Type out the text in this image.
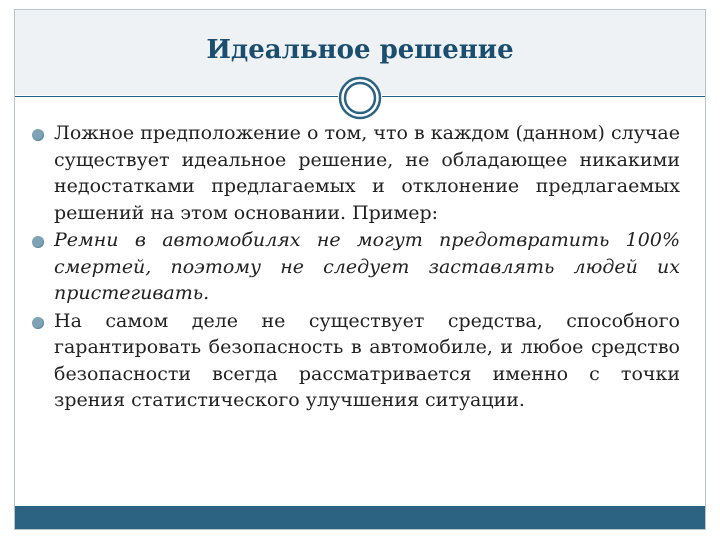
Идеальное решение
Ложное предположение о том, что в каждом (данном) случае существует идеальное решение, не обладающее никакими недостатками предлагаемых и отклонение предлагаемых решений на этом основании. Пример:
Ремни в автомобилях не могут предотвратить 100% смертей, поэтому не следует заставлять людей их пристегивать.
На самом деле не существует средства, способного гарантировать безопасность в автомобиле, и любое средство безопасности всегда рассматривается именно с точки зрения статистического улучшения ситуации.
